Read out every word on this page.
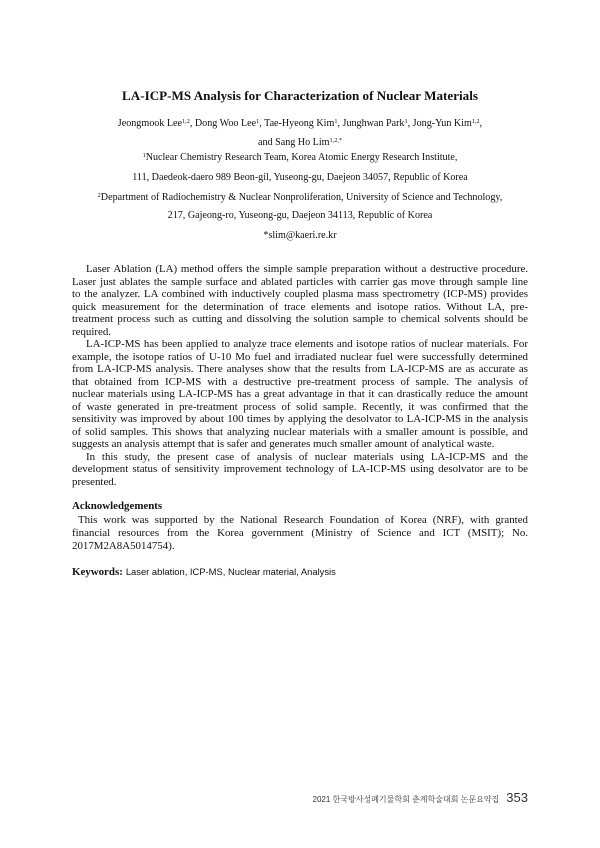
LA-ICP-MS Analysis for Characterization of Nuclear Materials
Jeongmook Lee$^{1,2}$, Dong Woo Lee$^1$, Tae-Hyeong Kim$^1$, Junghwan Park$^1$, Jong-Yun Kim$^{1,2}$,
and Sang Ho Lim$^{1,2,*}$
$^1$Nuclear Chemistry Research Team, Korea Atomic Energy Research Institute,
111, Daedeok-daero 989 Beon-gil, Yuseong-gu, Daejeon 34057, Republic of Korea
$^2$Department of Radiochemistry & Nuclear Nonproliferation, University of Science and Technology,
217, Gajeong-ro, Yuseong-gu, Daejeon 34113, Republic of Korea
*slim@kaeri.re.kr
Laser Ablation (LA) method offers the simple sample preparation without a destructive procedure.
Laser just ablates the sample surface and ablated particles with carrier gas move through sample line
to the analyzer. LA combined with inductively coupled plasma mass spectrometry (ICP-MS) provides
quick measurement for the determination of trace elements and isotope ratios. Without LA, pre-
treatment process such as cutting and dissolving the solution sample to chemical solvents should be
required.
LA-ICP-MS has been applied to analyze trace elements and isotope ratios of nuclear materials. For
example, the isotope ratios of U-10 Mo fuel and irradiated nuclear fuel were successfully determined
from LA-ICP-MS analysis. There analyses show that the results from LA-ICP-MS are as accurate as
that obtained from ICP-MS with a destructive pre-treatment process of sample. The analysis of
nuclear materials using LA-ICP-MS has a great advantage in that it can drastically reduce the amount
of waste generated in pre-treatment process of solid sample. Recently, it was confirmed that the
sensitivity was improved by about 100 times by applying the desolvator to LA-ICP-MS in the analysis
of solid samples. This shows that analyzing nuclear materials with a smaller amount is possible, and
suggests an analysis attempt that is safer and generates much smaller amount of analytical waste.
In this study, the present case of analysis of nuclear materials using LA-ICP-MS and the
development status of sensitivity improvement technology of LA-ICP-MS using desolvator are to be
presented.
Acknowledgements
This work was supported by the National Research Foundation of Korea (NRF), with granted
financial resources from the Korea government (Ministry of Science and ICT (MSIT); No.
2017M2A8A5014754).
Keywords: Laser ablation, ICP-MS, Nuclear material, Analysis
2021 한국방사성폐기물학회 춘계학술대회 논문요약집 353
